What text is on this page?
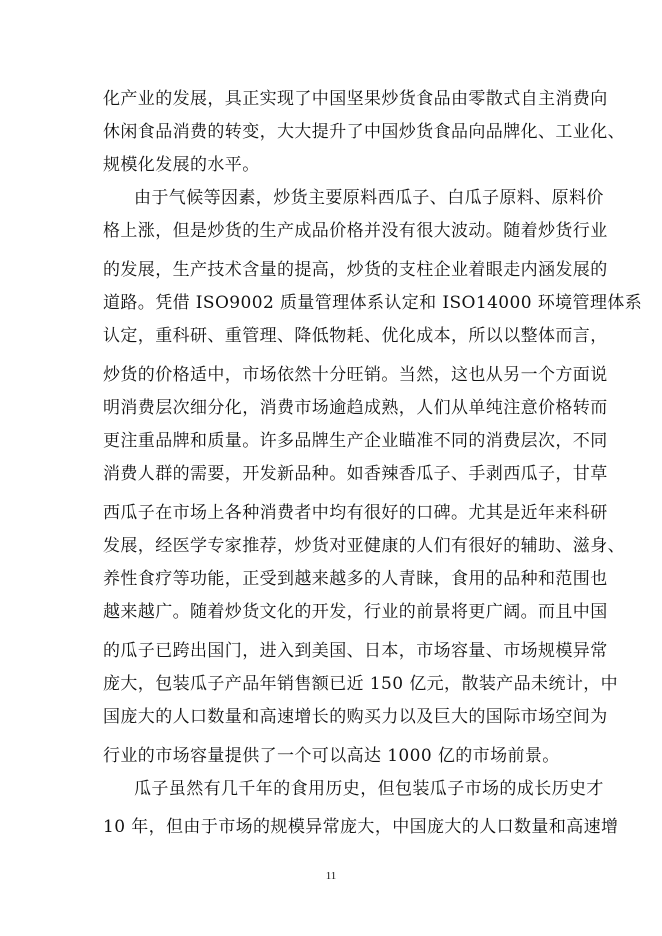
化产业的发展，具正实现了中国坚果炒货食品由零散式自主消费向
休闲食品消费的转变，大大提升了中国炒货食品向品牌化、工业化、
规模化发展的水平。
由于气候等因素，炒货主要原料西瓜子、白瓜子原料、原料价
格上涨，但是炒货的生产成品价格并没有很大波动。随着炒货行业
的发展，生产技术含量的提高，炒货的支柱企业着眼走内涵发展的
道路。凭借 ISO9002 质量管理体系认定和 ISO14000 环境管理体系
认定，重科研、重管理、降低物耗、优化成本，所以以整体而言，
炒货的价格适中，市场依然十分旺销。当然，这也从另一个方面说
明消费层次细分化，消费市场逾趋成熟，人们从单纯注意价格转而
更注重品牌和质量。许多品牌生产企业瞄准不同的消费层次，不同
消费人群的需要，开发新品种。如香辣香瓜子、手剥西瓜子，甘草
西瓜子在市场上各种消费者中均有很好的口碑。尤其是近年来科研
发展，经医学专家推荐，炒货对亚健康的人们有很好的辅助、滋身、
养性食疗等功能，正受到越来越多的人青睐，食用的品种和范围也
越来越广。随着炒货文化的开发，行业的前景将更广阔。而且中国
的瓜子已跨出国门，进入到美国、日本，市场容量、市场规模异常
庞大，包装瓜子产品年销售额已近 150 亿元，散装产品未统计，中
国庞大的人口数量和高速增长的购买力以及巨大的国际市场空间为
行业的市场容量提供了一个可以高达 1000 亿的市场前景。
瓜子虽然有几千年的食用历史，但包装瓜子市场的成长历史才
10 年，但由于市场的规模异常庞大，中国庞大的人口数量和高速增
11
